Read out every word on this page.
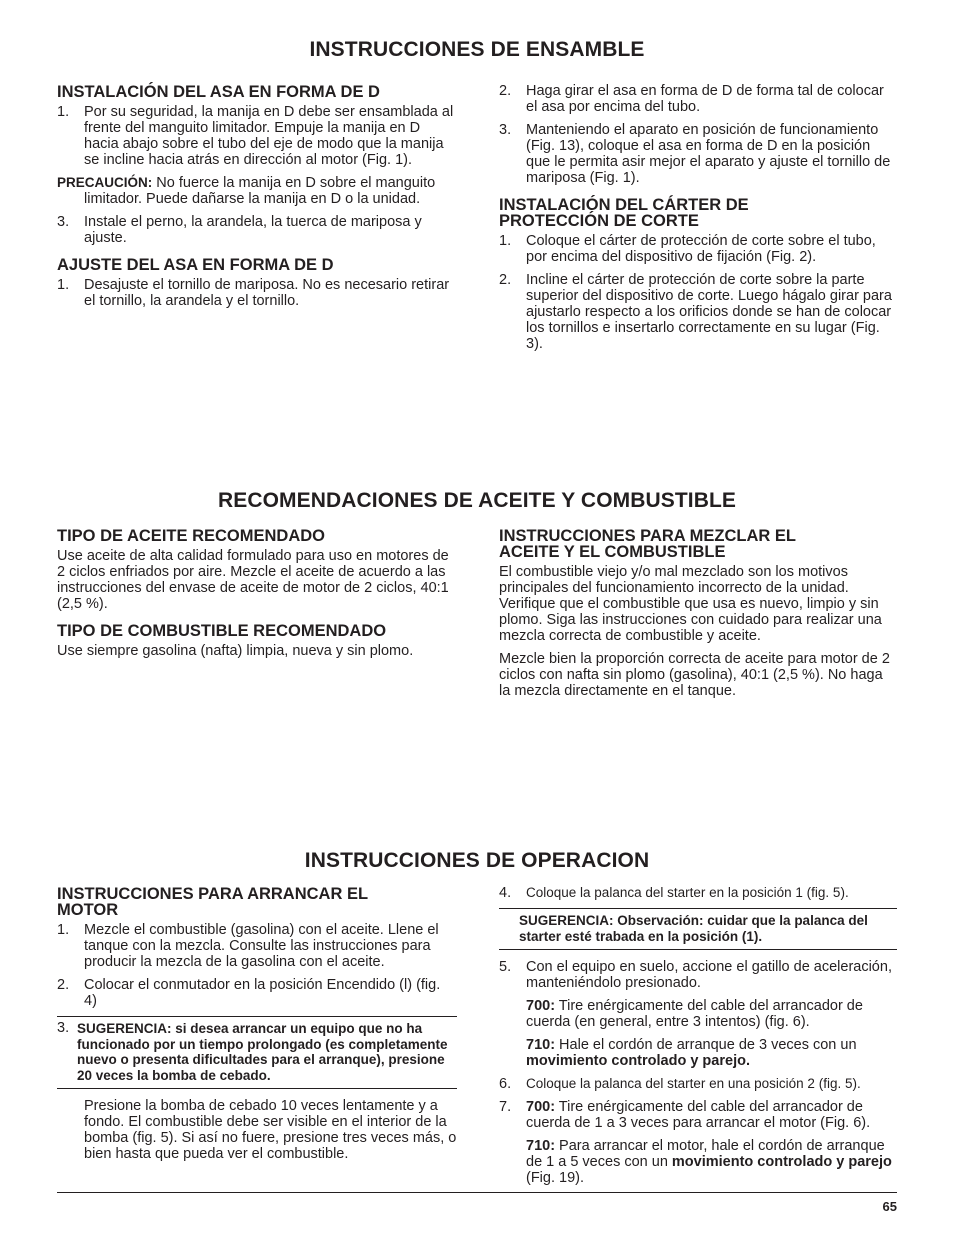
INSTRUCCIONES DE ENSAMBLE
INSTALACIÓN DEL ASA EN FORMA DE D
1. Por su seguridad, la manija en D debe ser ensamblada al frente del manguito limitador. Empuje la manija en D hacia abajo sobre el tubo del eje de modo que la manija se incline hacia atrás en dirección al motor (Fig. 1).
PRECAUCIÓN: No fuerce la manija en D sobre el manguito limitador. Puede dañarse la manija en D o la unidad.
3. Instale el perno, la arandela, la tuerca de mariposa y ajuste.
AJUSTE DEL ASA EN FORMA DE D
1. Desajuste el tornillo de mariposa. No es necesario retirar el tornillo, la arandela y el tornillo.
2. Haga girar el asa en forma de D de forma tal de colocar el asa por encima del tubo.
3. Manteniendo el aparato en posición de funcionamiento (Fig. 13), coloque el asa en forma de D en la posición que le permita asir mejor el aparato y ajuste el tornillo de mariposa (Fig. 1).
INSTALACIÓN DEL CÁRTER DE PROTECCIÓN DE CORTE
1. Coloque el cárter de protección de corte sobre el tubo, por encima del dispositivo de fijación (Fig. 2).
2. Incline el cárter de protección de corte sobre la parte superior del dispositivo de corte. Luego hágalo girar para ajustarlo respecto a los orificios donde se han de colocar los tornillos e insertarlo correctamente en su lugar (Fig. 3).
RECOMENDACIONES DE ACEITE Y COMBUSTIBLE
TIPO DE ACEITE RECOMENDADO
Use aceite de alta calidad formulado para uso en motores de 2 ciclos enfriados por aire. Mezcle el aceite de acuerdo a las instrucciones del envase de aceite de motor de 2 ciclos, 40:1 (2,5 %).
TIPO DE COMBUSTIBLE RECOMENDADO
Use siempre gasolina (nafta) limpia, nueva y sin plomo.
INSTRUCCIONES PARA MEZCLAR EL ACEITE Y EL COMBUSTIBLE
El combustible viejo y/o mal mezclado son los motivos principales del funcionamiento incorrecto de la unidad. Verifique que el combustible que usa es nuevo, limpio y sin plomo. Siga las instrucciones con cuidado para realizar una mezcla correcta de combustible y aceite.
Mezcle bien la proporción correcta de aceite para motor de 2 ciclos con nafta sin plomo (gasolina), 40:1 (2,5 %). No haga la mezcla directamente en el tanque.
INSTRUCCIONES DE OPERACION
INSTRUCCIONES PARA ARRANCAR EL MOTOR
1. Mezcle el combustible (gasolina) con el aceite. Llene el tanque con la mezcla. Consulte las instrucciones para producir la mezcla de la gasolina con el aceite.
2. Colocar el conmutador en la posición Encendido (l) (fig. 4)
3. SUGERENCIA: si desea arrancar un equipo que no ha funcionado por un tiempo prolongado (es completamente nuevo o presenta dificultades para el arranque), presione 20 veces la bomba de cebado.
Presione la bomba de cebado 10 veces lentamente y a fondo. El combustible debe ser visible en el interior de la bomba (fig. 5). Si así no fuere, presione tres veces más, o bien hasta que pueda ver el combustible.
4. Coloque la palanca del starter en la posición 1 (fig. 5).
SUGERENCIA: Observación: cuidar que la palanca del starter esté trabada en la posición (1).
5. Con el equipo en suelo, accione el gatillo de aceleración, manteniéndolo presionado.
700: Tire enérgicamente del cable del arrancador de cuerda (en general, entre 3 intentos) (fig. 6).
710: Hale el cordón de arranque de 3 veces con un movimiento controlado y parejo.
6. Coloque la palanca del starter en una posición 2 (fig. 5).
7. 700: Tire enérgicamente del cable del arrancador de cuerda de 1 a 3 veces para arrancar el motor (Fig. 6).
710: Para arrancar el motor, hale el cordón de arranque de 1 a 5 veces con un movimiento controlado y parejo (Fig. 19).
65
